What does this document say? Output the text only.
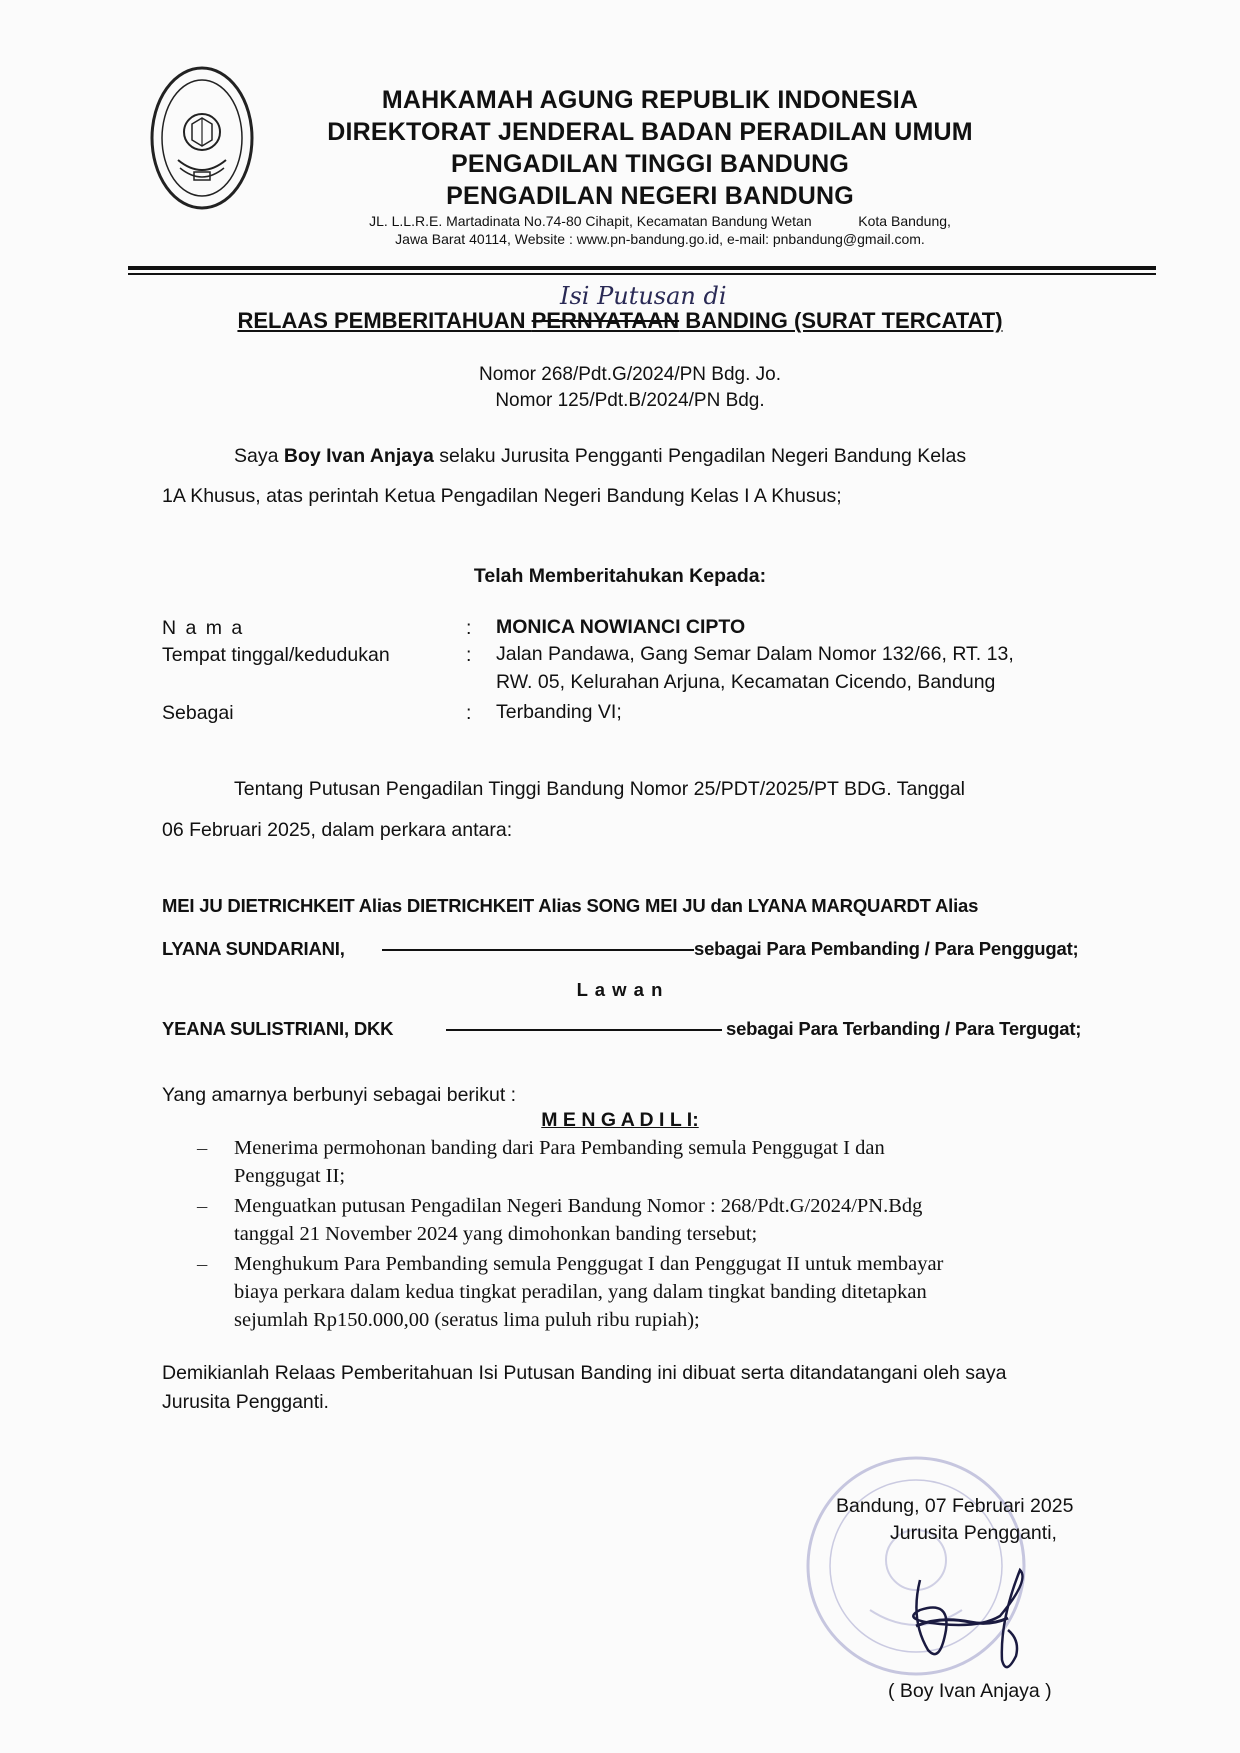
MAHKAMAH AGUNG REPUBLIK INDONESIA
DIREKTORAT JENDERAL BADAN PERADILAN UMUM
PENGADILAN TINGGI BANDUNG
PENGADILAN NEGERI BANDUNG
JL. L.L.R.E. Martadinata No.74-80 Cihapit, Kecamatan Bandung Wetan            Kota Bandung,
Jawa Barat 40114, Website : www.pn-bandung.go.id, e-mail: pnbandung@gmail.com.
Isi Putusan di
RELAAS PEMBERITAHUAN PERNYATAAN BANDING (SURAT TERCATAT)
Nomor 268/Pdt.G/2024/PN Bdg. Jo.
Nomor 125/Pdt.B/2024/PN Bdg.
Saya Boy Ivan Anjaya selaku Jurusita Pengganti Pengadilan Negeri Bandung Kelas
1A Khusus, atas perintah Ketua Pengadilan Negeri Bandung Kelas I A Khusus;
Telah Memberitahukan Kepada:
N a m a	: MONICA NOWIANCI CIPTO
Tempat tinggal/kedudukan	: Jalan Pandawa, Gang Semar Dalam Nomor 132/66, RT. 13,
RW. 05, Kelurahan Arjuna, Kecamatan Cicendo, Bandung
Sebagai	: Terbanding VI;
Tentang Putusan Pengadilan Tinggi Bandung Nomor 25/PDT/2025/PT BDG. Tanggal
06 Februari 2025, dalam perkara antara:
MEI JU DIETRICHKEIT Alias DIETRICHKEIT Alias SONG MEI JU dan LYANA MARQUARDT Alias
LYANA SUNDARIANI,	sebagai Para Pembanding / Para Penggugat;
L a w a n
YEANA SULISTRIANI, DKK	sebagai Para Terbanding / Para Tergugat;
Yang amarnya berbunyi sebagai berikut :
M E N G A D I L I:
– Menerima permohonan banding dari Para Pembanding semula Penggugat I dan
Penggugat II;
– Menguatkan putusan Pengadilan Negeri Bandung Nomor : 268/Pdt.G/2024/PN.Bdg
tanggal 21 November 2024 yang dimohonkan banding tersebut;
– Menghukum Para Pembanding semula Penggugat I dan Penggugat II untuk membayar
biaya perkara dalam kedua tingkat peradilan, yang dalam tingkat banding ditetapkan
sejumlah Rp150.000,00 (seratus lima puluh ribu rupiah);
Demikianlah Relaas Pemberitahuan Isi Putusan Banding ini dibuat serta ditandatangani oleh saya
Jurusita Pengganti.
Bandung, 07 Februari 2025
Jurusita Pengganti,
( Boy Ivan Anjaya )
